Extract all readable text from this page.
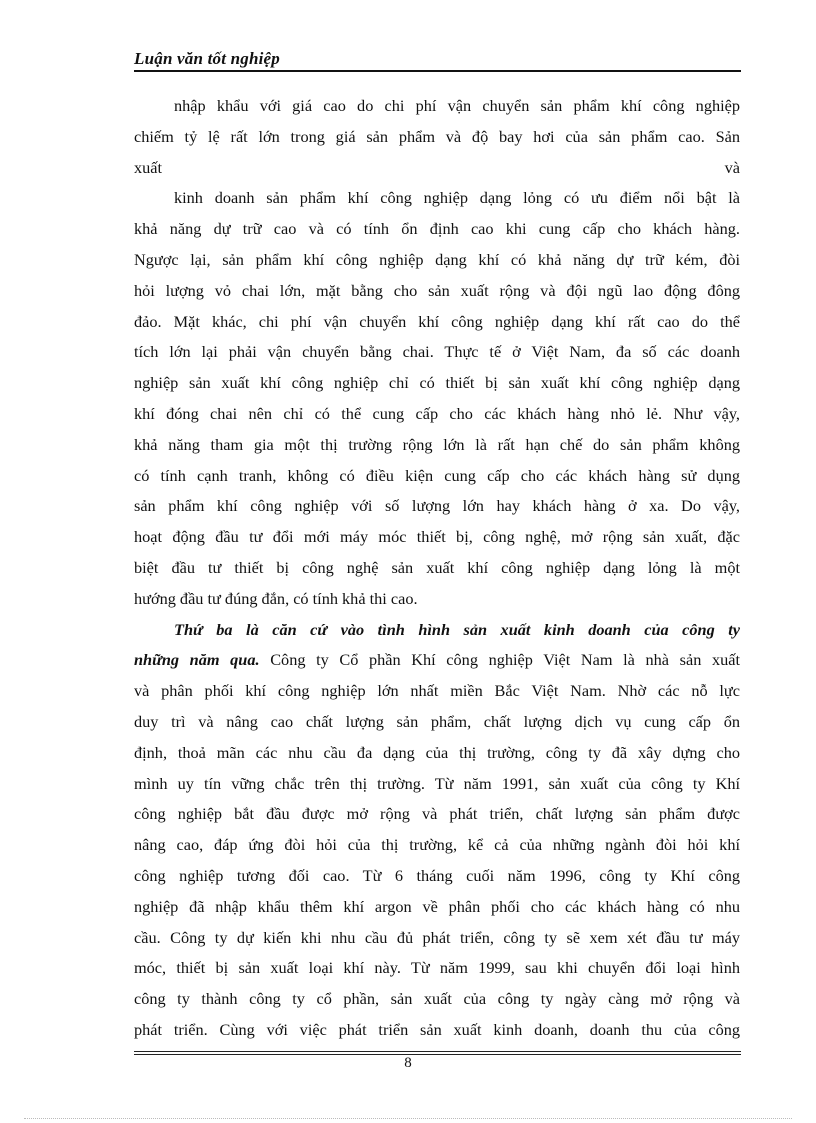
Luận văn tốt nghiệp
nhập khẩu với giá cao do chi phí vận chuyển sản phẩm khí công nghiệp
chiếm tỷ lệ rất lớn trong giá sản phẩm và độ bay hơi của sản phẩm cao. Sản
xuất                                                                                                   và
kinh doanh sản phẩm khí công nghiệp dạng lỏng có ưu điểm nổi bật là
khả năng dự trữ cao và có tính ổn định cao khi cung cấp cho khách hàng.
Ngược lại, sản phẩm khí công nghiệp dạng khí có khả năng dự trữ kém, đòi
hỏi lượng vỏ chai lớn, mặt bằng cho sản xuất rộng và đội ngũ lao động đông
đảo. Mặt khác, chi phí vận chuyển khí công nghiệp dạng khí rất cao do thể
tích lớn lại phải vận chuyển bằng chai. Thực tế ở Việt Nam, đa số các doanh
nghiệp sản xuất khí công nghiệp chỉ có thiết bị sản xuất khí công nghiệp dạng
khí đóng chai nên chỉ có thể cung cấp cho các khách hàng nhỏ lẻ. Như vậy,
khả năng tham gia một thị trường rộng lớn là rất hạn chế do sản phẩm không
có tính cạnh tranh, không có điều kiện cung cấp cho các khách hàng sử dụng
sản phẩm khí công nghiệp với số lượng lớn hay khách hàng ở xa. Do vậy,
hoạt động đầu tư đổi mới máy móc thiết bị, công nghệ, mở rộng sản xuất, đặc
biệt đầu tư thiết bị công nghệ sản xuất khí công nghiệp dạng lỏng là một
hướng đầu tư đúng đắn, có tính khả thi cao.
Thứ ba là căn cứ vào tình hình sản xuất kinh doanh của công ty
những năm qua. Công ty Cổ phần Khí công nghiệp Việt Nam là nhà sản xuất
và phân phối khí công nghiệp lớn nhất miền Bắc Việt Nam. Nhờ các nỗ lực
duy trì và nâng cao chất lượng sản phẩm, chất lượng dịch vụ cung cấp ổn
định, thoả mãn các nhu cầu đa dạng của thị trường, công ty đã xây dựng cho
mình uy tín vững chắc trên thị trường. Từ năm 1991, sản xuất của công ty Khí
công nghiệp bắt đầu được mở rộng và phát triển, chất lượng sản phẩm được
nâng cao, đáp ứng đòi hỏi của thị trường, kể cả của những ngành đòi hỏi khí
công nghiệp tương đối cao. Từ 6 tháng cuối năm 1996, công ty Khí công
nghiệp đã nhập khẩu thêm khí argon về phân phối cho các khách hàng có nhu
cầu. Công ty dự kiến khi nhu cầu đủ phát triển, công ty sẽ xem xét đầu tư máy
móc, thiết bị sản xuất loại khí này. Từ năm 1999, sau khi chuyển đổi loại hình
công ty thành công ty cổ phần, sản xuất của công ty ngày càng mở rộng và
phát triển. Cùng với việc phát triển sản xuất kinh doanh, doanh thu của công
8
